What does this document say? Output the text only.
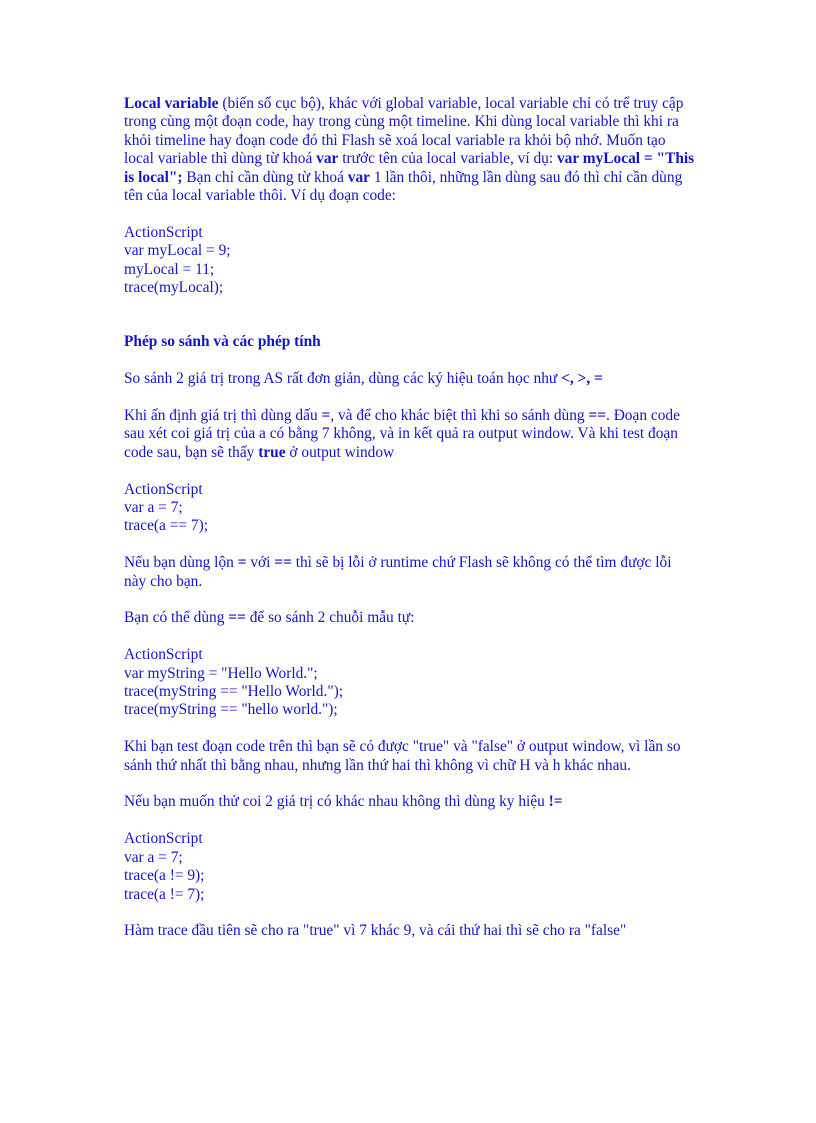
Local variable (biến số cục bộ), khác với global variable, local variable chỉ có trể truy cập trong cùng một đoạn code, hay trong cùng một timeline. Khi dùng local variable thì khi ra khỏi timeline hay đoạn code đó thì Flash sẽ xoá local variable ra khỏi bộ nhớ. Muốn tạo local variable thì dùng từ khoá var trước tên của local variable, ví dụ: var myLocal = "This is local"; Bạn chỉ cần dùng từ khoá var 1 lần thôi, những lần dùng sau đó thì chỉ cần dùng tên của local variable thôi. Ví dụ đoạn code:

ActionScript
var myLocal = 9;
myLocal = 11;
trace(myLocal);

Phép so sánh và các phép tính

So sánh 2 giá trị trong AS rất đơn giản, dùng các ký hiệu toán học như <, >, =

Khi ấn định giá trị thì dùng dấu =, và để cho khác biệt thì khi so sánh dùng ==. Đoạn code sau xét coi giá trị của a có bằng 7 không, và in kết quả ra output window. Và khi test đoạn code sau, bạn sẽ thấy true ở output window

ActionScript
var a = 7;
trace(a == 7);

Nếu bạn dùng lộn = với == thì sẽ bị lỗi ở runtime chứ Flash sẽ không có thể tìm được lỗi này cho bạn.

Bạn có thể dùng == để so sánh 2 chuỗi mẫu tự:

ActionScript
var myString = "Hello World.";
trace(myString == "Hello World.");
trace(myString == "hello world.");

Khi bạn test đoạn code trên thì bạn sẽ có được "true" và "false" ở output window, vì lần so sánh thứ nhất thì bằng nhau, nhưng lần thứ hai thì không vì chữ H và h khác nhau.

Nếu bạn muốn thử coi 2 giá trị có khác nhau không thì dùng ky hiệu !=

ActionScript
var a = 7;
trace(a != 9);
trace(a != 7);

Hàm trace đầu tiên sẽ cho ra "true" vì 7 khác 9, và cái thứ hai thì sẽ cho ra "false"
